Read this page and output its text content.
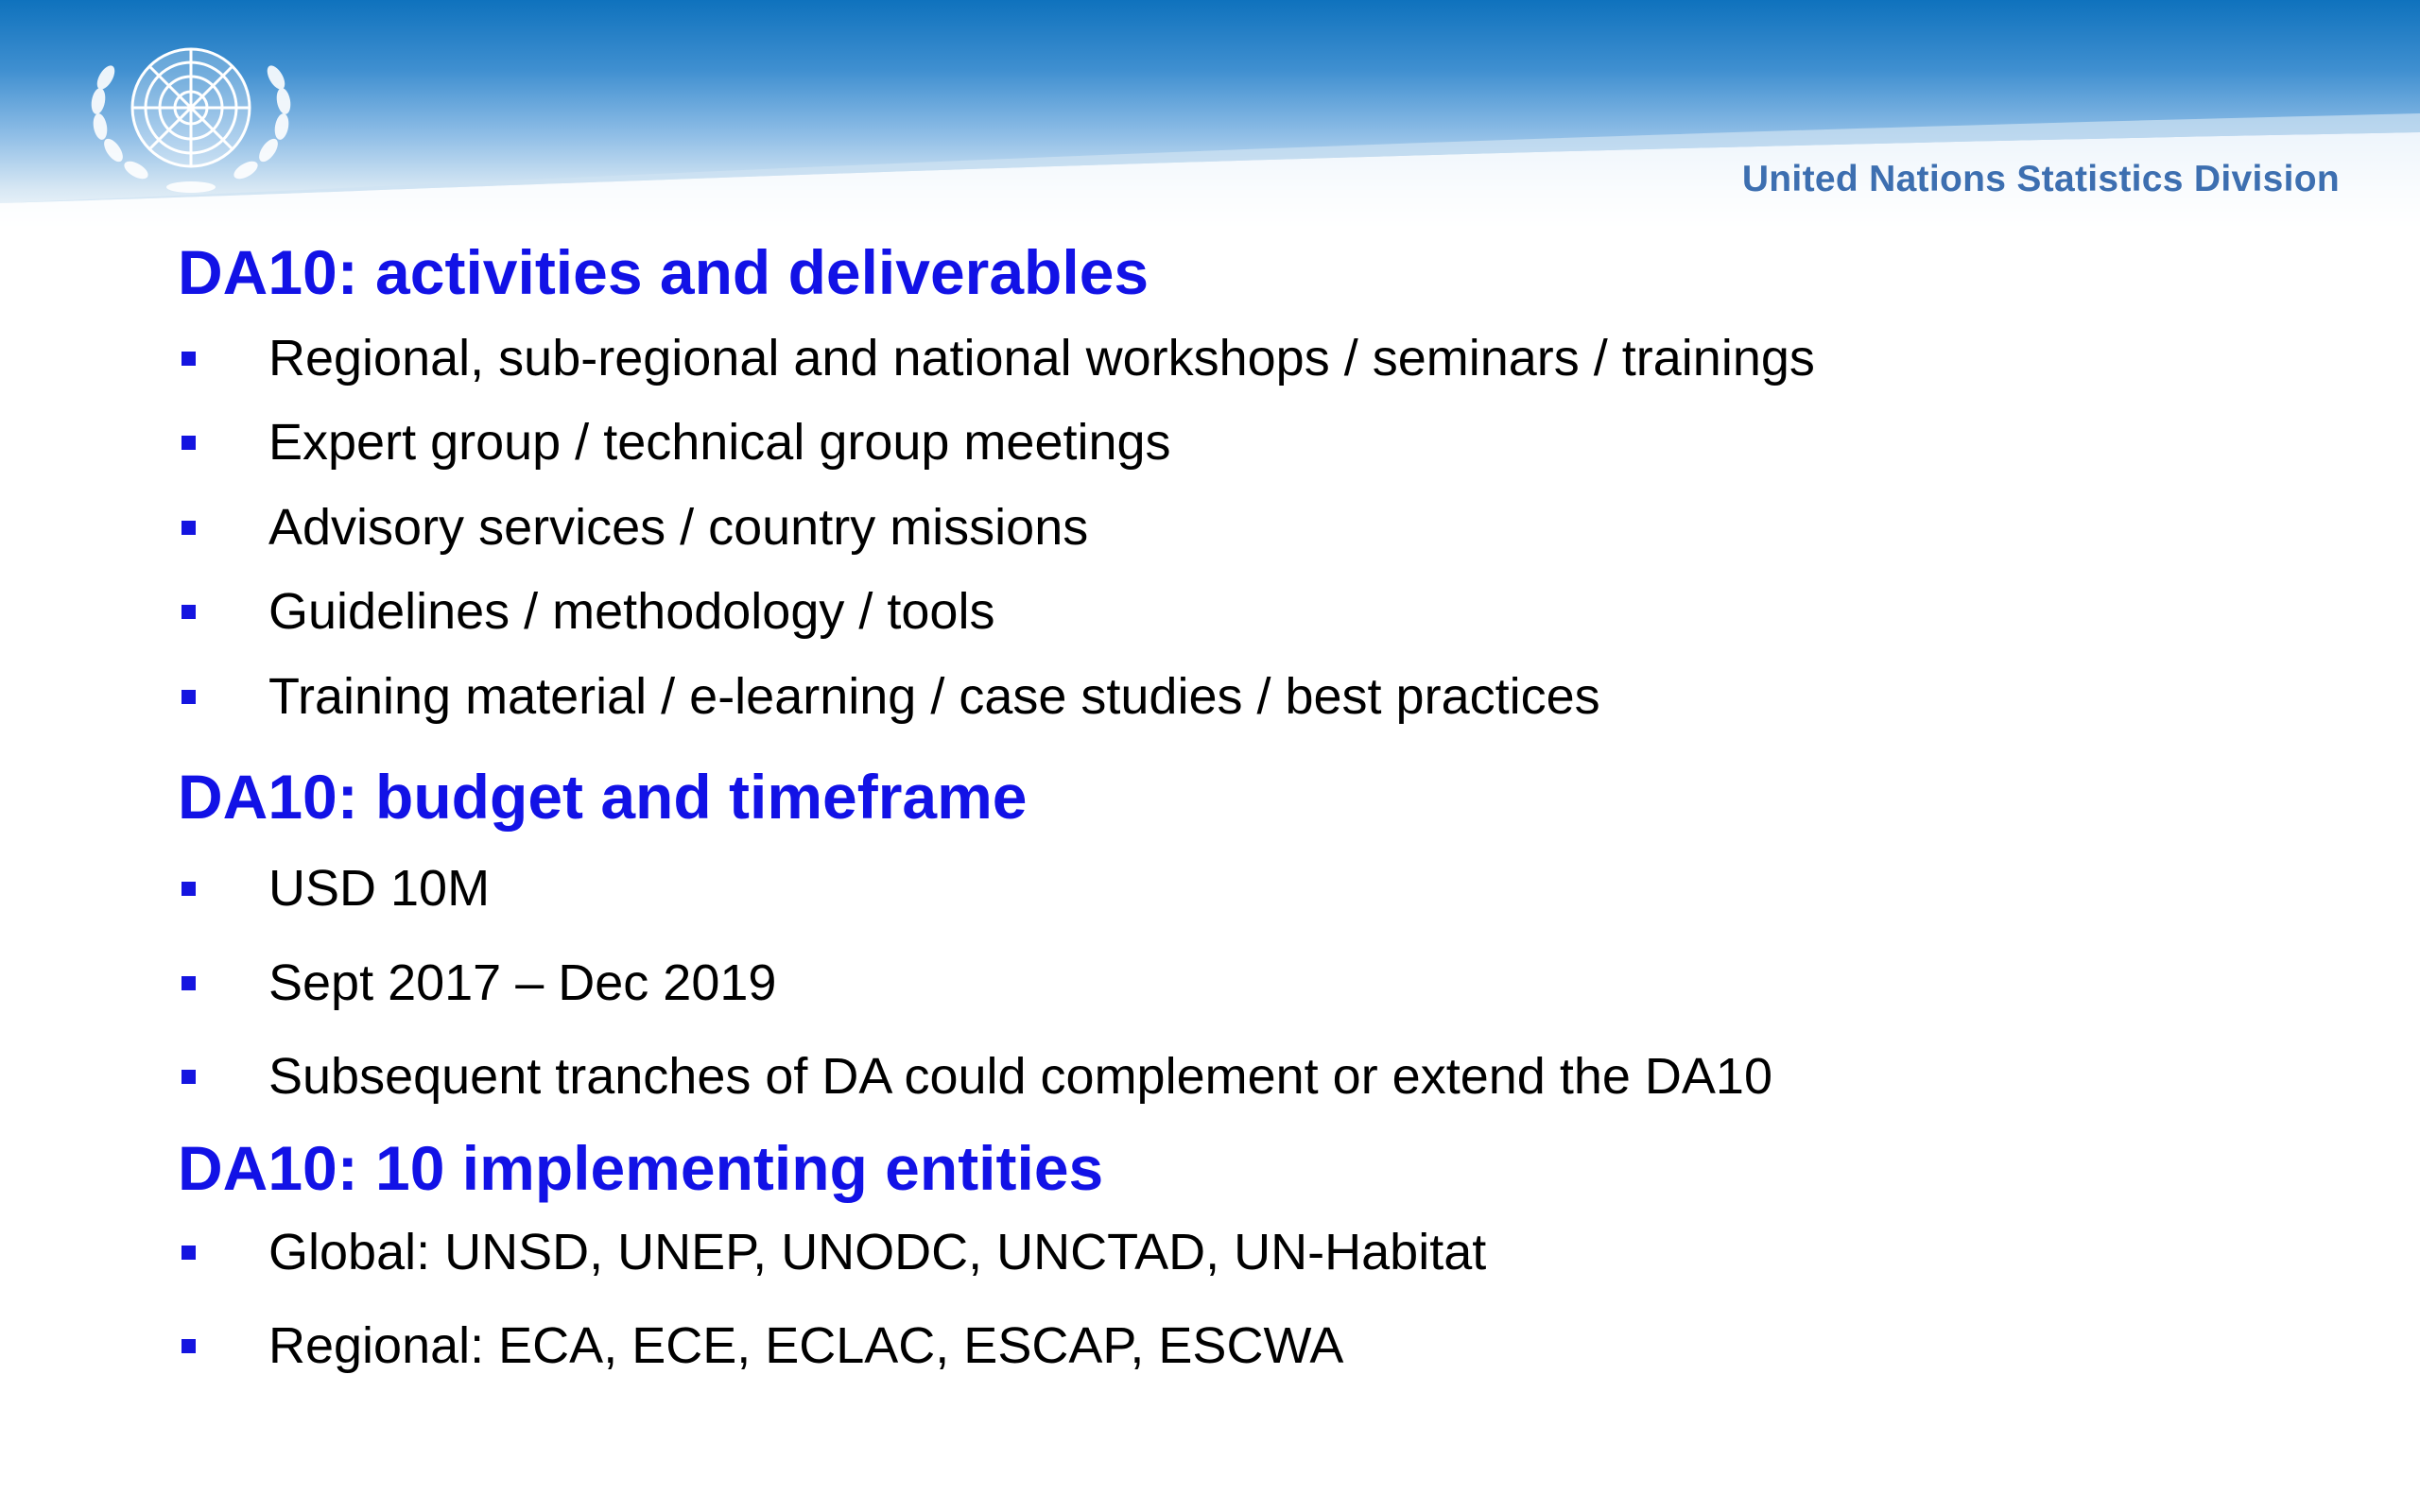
United Nations Statistics Division
DA10: activities and deliverables
Regional, sub-regional and national workshops / seminars / trainings
Expert group / technical group meetings
Advisory services / country missions
Guidelines / methodology / tools
Training material / e-learning / case studies / best practices
DA10: budget and timeframe
USD 10M
Sept 2017 – Dec 2019
Subsequent tranches of DA could complement or extend the DA10
DA10: 10 implementing entities
Global: UNSD, UNEP, UNODC, UNCTAD, UN-Habitat
Regional: ECA, ECE, ECLAC, ESCAP, ESCWA
